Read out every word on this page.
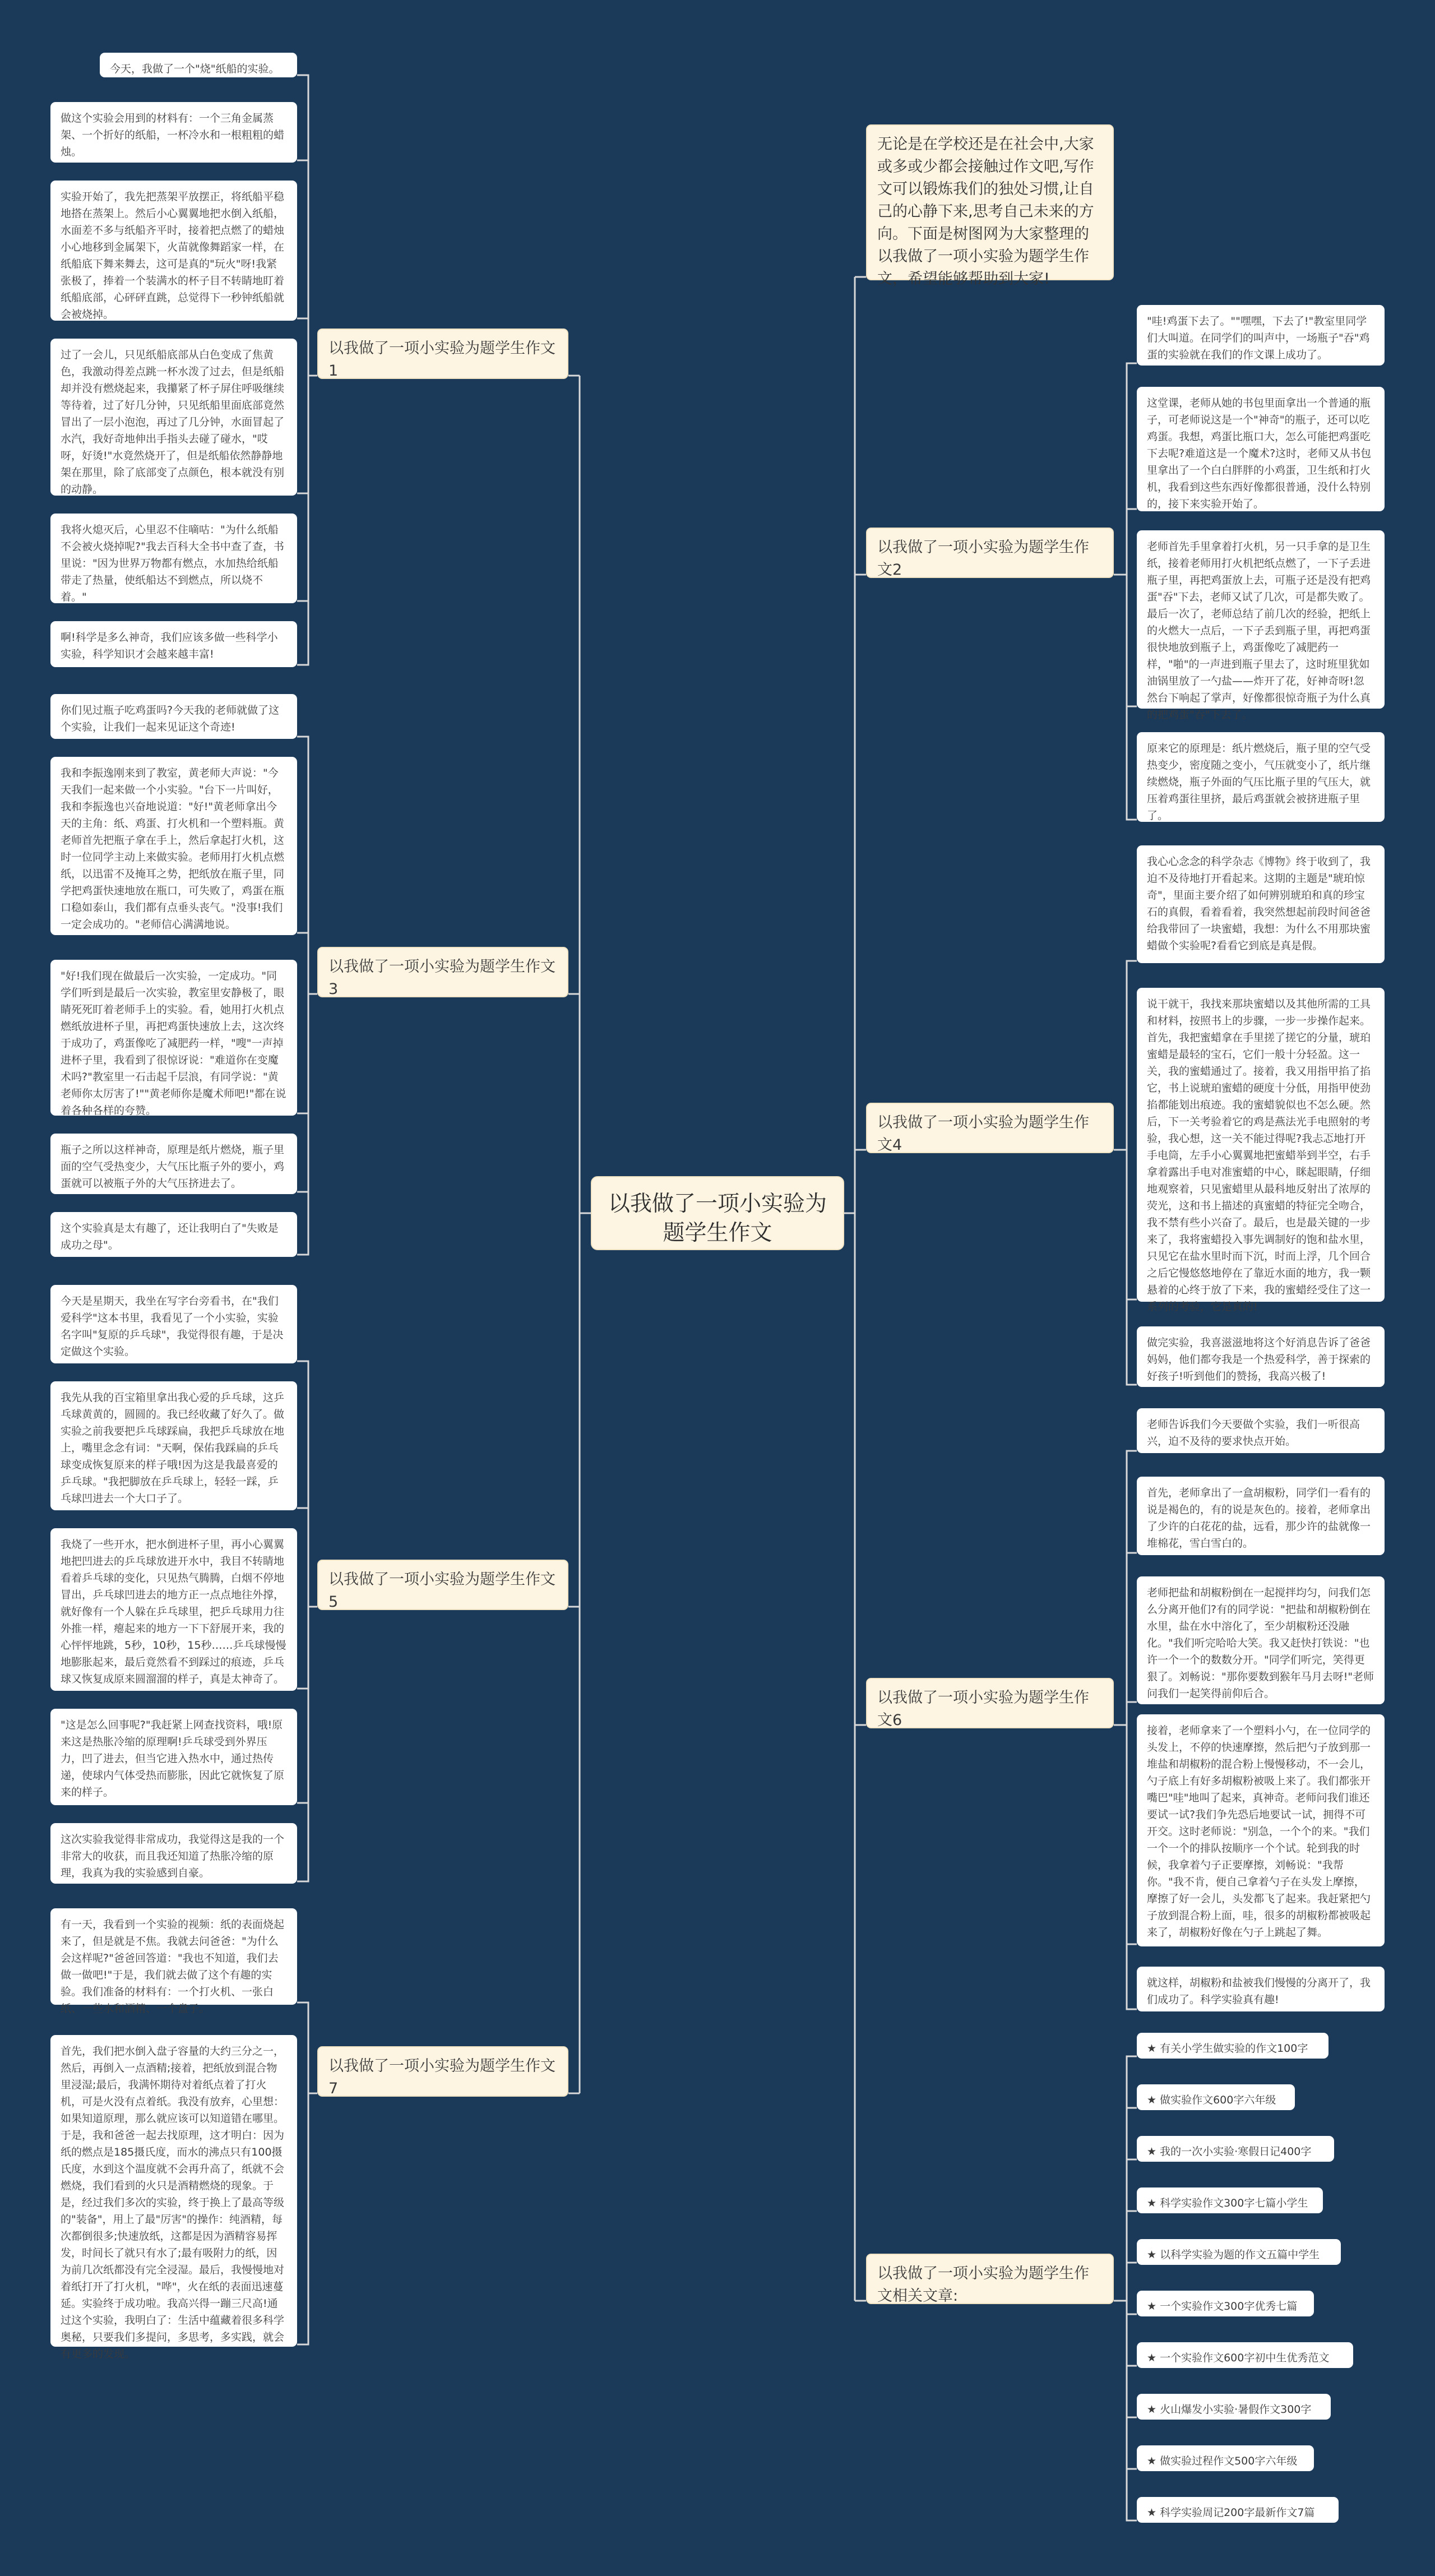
以我做了一项小实验为题学生作文
无论是在学校还是在社会中,大家或多或少都会接触过作文吧,写作文可以锻炼我们的独处习惯,让自己的心静下来,思考自己未来的方向。下面是树图网为大家整理的以我做了一项小实验为题学生作文，希望能够帮助到大家!
以我做了一项小实验为题学生作文1
以我做了一项小实验为题学生作文3
以我做了一项小实验为题学生作文5
以我做了一项小实验为题学生作文7
以我做了一项小实验为题学生作文2
以我做了一项小实验为题学生作文4
以我做了一项小实验为题学生作文6
以我做了一项小实验为题学生作文相关文章:
今天，我做了一个"烧"纸船的实验。
做这个实验会用到的材料有：一个三角金属蒸架、一个折好的纸船，一杯冷水和一根粗粗的蜡烛。
实验开始了，我先把蒸架平放摆正，将纸船平稳地搭在蒸架上。然后小心翼翼地把水倒入纸船，水面差不多与纸船齐平时，接着把点燃了的蜡烛小心地移到金属架下，火苗就像舞蹈家一样，在纸船底下舞来舞去，这可是真的"玩火"呀!我紧张极了，捧着一个装满水的杯子目不转睛地盯着纸船底部，心砰砰直跳，总觉得下一秒钟纸船就会被烧掉。
过了一会儿，只见纸船底部从白色变成了焦黄色，我激动得差点跳一杯水泼了过去，但是纸船却并没有燃烧起来，我攥紧了杯子屏住呼吸继续等待着，过了好几分钟，只见纸船里面底部竟然冒出了一层小泡泡，再过了几分钟，水面冒起了水汽，我好奇地伸出手指头去碰了碰水，"哎呀，好烫!"水竟然烧开了，但是纸船依然静静地架在那里，除了底部变了点颜色，根本就没有别的动静。
我将火熄灭后，心里忍不住嘀咕："为什么纸船不会被火烧掉呢?"我去百科大全书中查了查，书里说："因为世界万物都有燃点，水加热给纸船带走了热量，使纸船达不到燃点，所以烧不着。"
啊!科学是多么神奇，我们应该多做一些科学小实验，科学知识才会越来越丰富!
你们见过瓶子吃鸡蛋吗?今天我的老师就做了这个实验，让我们一起来见证这个奇迹!
我和李振逸刚来到了教室，黄老师大声说："今天我们一起来做一个小实验。"台下一片叫好，我和李振逸也兴奋地说道："好!"黄老师拿出今天的主角：纸、鸡蛋、打火机和一个塑料瓶。黄老师首先把瓶子拿在手上，然后拿起打火机，这时一位同学主动上来做实验。老师用打火机点燃纸，以迅雷不及掩耳之势，把纸放在瓶子里，同学把鸡蛋快速地放在瓶口，可失败了，鸡蛋在瓶口稳如泰山，我们都有点垂头丧气。"没事!我们一定会成功的。"老师信心满满地说。
"好!我们现在做最后一次实验，一定成功。"同学们听到是最后一次实验，教室里安静极了，眼睛死死盯着老师手上的实验。看，她用打火机点燃纸放进杯子里，再把鸡蛋快速放上去，这次终于成功了，鸡蛋像吃了减肥药一样，"嗖"一声掉进杯子里，我看到了很惊讶说："难道你在变魔术吗?"教室里一石击起千层浪，有同学说："黄老师你太厉害了!""黄老师你是魔术师吧!"都在说着各种各样的夸赞。
瓶子之所以这样神奇，原理是纸片燃烧，瓶子里面的空气受热变少，大气压比瓶子外的要小，鸡蛋就可以被瓶子外的大气压挤进去了。
这个实验真是太有趣了，还让我明白了"失败是成功之母"。
今天是星期天，我坐在写字台旁看书，在"我们爱科学"这本书里，我看见了一个小实验，实验名字叫"复原的乒乓球"，我觉得很有趣，于是决定做这个实验。
我先从我的百宝箱里拿出我心爱的乒乓球，这乒乓球黄黄的，圆圆的。我已经收藏了好久了。做实验之前我要把乒乓球踩扁，我把乒乓球放在地上，嘴里念念有词："天啊，保佑我踩扁的乒乓球变成恢复原来的样子哦!因为这是我最喜爱的乒乓球。"我把脚放在乒乓球上，轻轻一踩，乒乓球凹进去一个大口子了。
我烧了一些开水，把水倒进杯子里，再小心翼翼地把凹进去的乒乓球放进开水中，我目不转睛地看着乒乓球的变化，只见热气腾腾，白烟不停地冒出，乒乓球凹进去的地方正一点点地往外撑，就好像有一个人躲在乒乓球里，把乒乓球用力往外推一样，瘪起来的地方一下下舒展开来，我的心怦怦地跳，5秒，10秒，15秒……乒乓球慢慢地膨胀起来，最后竟然看不到踩过的痕迹，乒乓球又恢复成原来圆溜溜的样子，真是太神奇了。
"这是怎么回事呢?"我赶紧上网查找资料，哦!原来这是热胀冷缩的原理啊!乒乓球受到外界压力，凹了进去，但当它进入热水中，通过热传递，使球内气体受热而膨胀，因此它就恢复了原来的样子。
这次实验我觉得非常成功，我觉得这是我的一个非常大的收获，而且我还知道了热胀冷缩的原理，我真为我的实验感到自豪。
有一天，我看到一个实验的视频：纸的表面烧起来了，但是就是不焦。我就去问爸爸："为什么会这样呢?"爸爸回答道："我也不知道，我们去做一做吧!"于是，我们就去做了这个有趣的实验。我们准备的材料有：一个打火机、一张白纸、一些水和酒精、一个盘子。
首先，我们把水倒入盘子容量的大约三分之一，然后，再倒入一点酒精;接着，把纸放到混合物里浸湿;最后，我满怀期待对着纸点着了打火机，可是火没有点着纸。我没有放弃，心里想：如果知道原理，那么就应该可以知道错在哪里。于是，我和爸爸一起去找原理，这才明白：因为纸的燃点是185摄氏度，而水的沸点只有100摄氏度，水到这个温度就不会再升高了，纸就不会燃烧，我们看到的火只是酒精燃烧的现象。于是，经过我们多次的实验，终于换上了最高等级的"装备"，用上了最"厉害"的操作：纯酒精，每次都倒很多;快速放纸，这都是因为酒精容易挥发，时间长了就只有水了;最有吸附力的纸，因为前几次纸都没有完全浸湿。最后，我慢慢地对着纸打开了打火机，"哗"，火在纸的表面迅速蔓延。实验终于成功啦。我高兴得一蹦三尺高!通过这个实验，我明白了：生活中蕴藏着很多科学奥秘，只要我们多提问，多思考，多实践，就会有更多的发现。
"哇!鸡蛋下去了。""嘿嘿，下去了!"教室里同学们大叫道。在同学们的叫声中，一场瓶子"吞"鸡蛋的实验就在我们的作文课上成功了。
这堂课，老师从她的书包里面拿出一个普通的瓶子，可老师说这是一个"神奇"的瓶子，还可以吃鸡蛋。我想，鸡蛋比瓶口大，怎么可能把鸡蛋吃下去呢?难道这是一个魔术?这时，老师又从书包里拿出了一个白白胖胖的小鸡蛋，卫生纸和打火机，我看到这些东西好像都很普通，没什么特别的，接下来实验开始了。
老师首先手里拿着打火机，另一只手拿的是卫生纸，接着老师用打火机把纸点燃了，一下子丢进瓶子里，再把鸡蛋放上去，可瓶子还是没有把鸡蛋"吞"下去，老师又试了几次，可是都失败了。最后一次了，老师总结了前几次的经验，把纸上的火燃大一点后，一下子丢到瓶子里，再把鸡蛋很快地放到瓶子上，鸡蛋像吃了减肥药一样，"啪"的一声进到瓶子里去了，这时班里犹如油锅里放了一勺盐——炸开了花，好神奇呀!忽然台下响起了掌声，好像都很惊奇瓶子为什么真的把鸡蛋"吞"下去了。
原来它的原理是：纸片燃烧后，瓶子里的空气受热变少，密度随之变小，气压就变小了，纸片继续燃烧，瓶子外面的气压比瓶子里的气压大，就压着鸡蛋往里挤，最后鸡蛋就会被挤进瓶子里了。
我心心念念的科学杂志《博物》终于收到了，我迫不及待地打开看起来。这期的主题是"琥珀惊奇"，里面主要介绍了如何辨别琥珀和真的珍宝石的真假，看着看着，我突然想起前段时间爸爸给我带回了一块蜜蜡，我想：为什么不用那块蜜蜡做个实验呢?看看它到底是真是假。
说干就干，我找来那块蜜蜡以及其他所需的工具和材料，按照书上的步骤，一步一步操作起来。首先，我把蜜蜡拿在手里搓了搓它的分量，琥珀蜜蜡是最轻的宝石，它们一般十分轻盈。这一关，我的蜜蜡通过了。接着，我又用指甲掐了掐它，书上说琥珀蜜蜡的硬度十分低，用指甲使劲掐都能划出痕迹。我的蜜蜡貌似也不怎么硬。然后，下一关考验着它的鸡是燕法光手电照射的考验，我心想，这一关不能过得呢?我忐忑地打开手电筒，左手小心翼翼地把蜜蜡举到半空，右手拿着露出手电对准蜜蜡的中心，眯起眼睛，仔细地观察着，只见蜜蜡里从最科地反射出了浓厚的荧光，这和书上描述的真蜜蜡的特征完全吻合，我不禁有些小兴奋了。最后，也是最关键的一步来了，我将蜜蜡投入事先调制好的饱和盐水里，只见它在盐水里时而下沉，时而上浮，几个回合之后它慢悠悠地停在了靠近水面的地方，我一颗悬着的心终于放了下来，我的蜜蜡经受住了这一系列的考验，它是真的!
做完实验，我喜滋滋地将这个好消息告诉了爸爸妈妈，他们都夸我是一个热爱科学，善于探索的好孩子!听到他们的赞扬，我高兴极了!
老师告诉我们今天要做个实验，我们一听很高兴，迫不及待的要求快点开始。
首先，老师拿出了一盒胡椒粉，同学们一看有的说是褐色的，有的说是灰色的。接着，老师拿出了少许的白花花的盐，远看，那少许的盐就像一堆棉花，雪白雪白的。
老师把盐和胡椒粉倒在一起搅拌均匀，问我们怎么分离开他们?有的同学说："把盐和胡椒粉倒在水里，盐在水中溶化了，至少胡椒粉还没融化。"我们听完哈哈大笑。我又赶快打铁说："也许一个一个的数数分开。"同学们听完，笑得更狠了。刘畅说："那你要数到猴年马月去呀!"老师问我们一起笑得前仰后合。
接着，老师拿来了一个塑料小勺，在一位同学的头发上，不停的快速摩擦，然后把勺子放到那一堆盐和胡椒粉的混合粉上慢慢移动，不一会儿，勺子底上有好多胡椒粉被吸上来了。我们都张开嘴巴"哇"地叫了起来，真神奇。老师问我们谁还要试一试?我们争先恐后地要试一试，拥得不可开交。这时老师说："别急，一个个的来。"我们一个一个的排队按顺序一个个试。轮到我的时候，我拿着勺子正要摩擦，刘畅说："我帮你。"我不肯，便自己拿着勺子在头发上摩擦，摩擦了好一会儿，头发都飞了起来。我赶紧把勺子放到混合粉上面，哇，很多的胡椒粉都被吸起来了，胡椒粉好像在勺子上跳起了舞。
就这样，胡椒粉和盐被我们慢慢的分离开了，我们成功了。科学实验真有趣!
★ 有关小学生做实验的作文100字
★ 做实验作文600字六年级
★ 我的一次小实验·寒假日记400字
★ 科学实验作文300字七篇小学生
★ 以科学实验为题的作文五篇中学生
★ 一个实验作文300字优秀七篇
★ 一个实验作文600字初中生优秀范文
★ 火山爆发小实验·暑假作文300字
★ 做实验过程作文500字六年级
★ 科学实验周记200字最新作文7篇
